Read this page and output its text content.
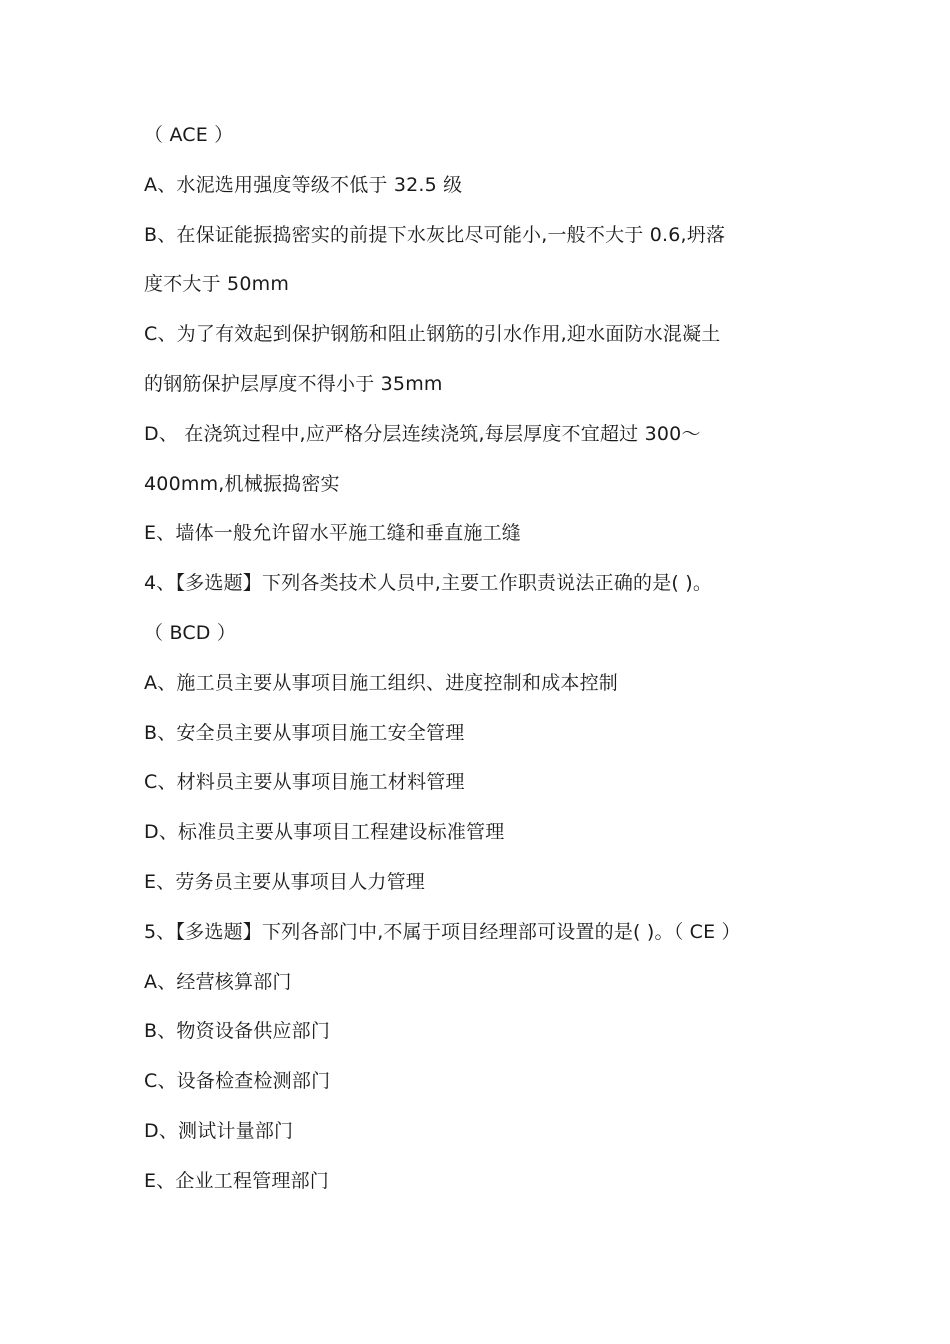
（ ACE ）
A、水泥选用强度等级不低于 32.5 级
B、在保证能振捣密实的前提下水灰比尽可能小,一般不大于 0.6,坍落
度不大于 50mm
C、为了有效起到保护钢筋和阻止钢筋的引水作用,迎水面防水混凝土
的钢筋保护层厚度不得小于 35mm
D、 在浇筑过程中,应严格分层连续浇筑,每层厚度不宜超过 300～
400mm,机械振捣密实
E、墙体一般允许留水平施工缝和垂直施工缝
4、【多选题】下列各类技术人员中,主要工作职责说法正确的是( )。
（ BCD ）
A、施工员主要从事项目施工组织、进度控制和成本控制
B、安全员主要从事项目施工安全管理
C、材料员主要从事项目施工材料管理
D、标准员主要从事项目工程建设标准管理
E、劳务员主要从事项目人力管理
5、【多选题】下列各部门中,不属于项目经理部可设置的是( )。（ CE ）
A、经营核算部门
B、物资设备供应部门
C、设备检查检测部门
D、测试计量部门
E、企业工程管理部门
